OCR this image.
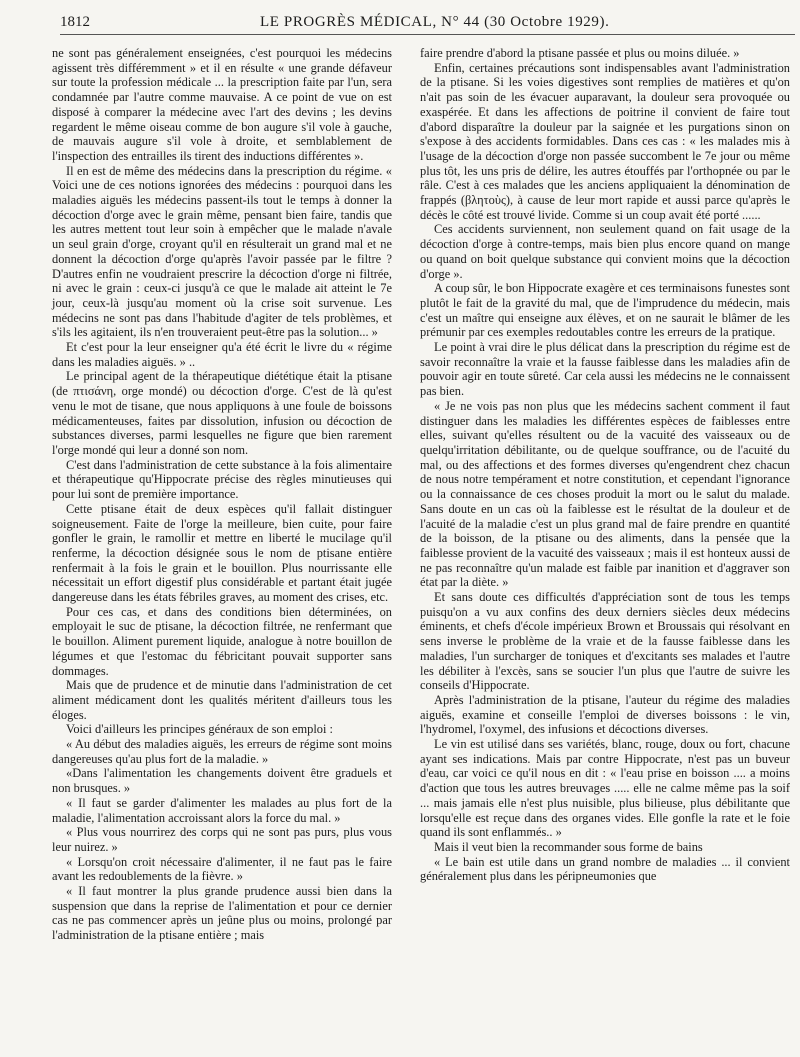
1812	LE PROGRÈS MÉDICAL, N° 44 (30 Octobre 1929).

ne sont pas généralement enseignées, c'est pourquoi les médecins agissent très différemment » et il en résulte « une grande défaveur sur toute la profession médicale ... la prescription faite par l'un, sera condamnée par l'autre comme mauvaise. A ce point de vue on est disposé à comparer la médecine avec l'art des devins ; les devins regardent le même oiseau comme de bon augure s'il vole à gauche, de mauvais augure s'il vole à droite, et semblablement de l'inspection des entrailles ils tirent des inductions différentes ».

Il en est de même des médecins dans la prescription du régime. « Voici une de ces notions ignorées des médecins : pourquoi dans les maladies aiguës les médecins passent-ils tout le temps à donner la décoction d'orge avec le grain même, pensant bien faire, tandis que les autres mettent tout leur soin à empêcher que le malade n'avale un seul grain d'orge, croyant qu'il en résulterait un grand mal et ne donnent la décoction d'orge qu'après l'avoir passée par le filtre ? D'autres enfin ne voudraient prescrire la décoction d'orge ni filtrée, ni avec le grain : ceux-ci jusqu'à ce que le malade ait atteint le 7e jour, ceux-là jusqu'au moment où la crise soit survenue. Les médecins ne sont pas dans l'habitude d'agiter de tels problèmes, et s'ils les agitaient, ils n'en trouveraient peut-être pas la solution... »

Et c'est pour la leur enseigner qu'a été écrit le livre du « régime dans les maladies aiguës. » ..

Le principal agent de la thérapeutique diététique était la ptisane (de πτισάνη, orge mondé) ou décoction d'orge. C'est de là qu'est venu le mot de tisane, que nous appliquons à une foule de boissons médicamenteuses, faites par dissolution, infusion ou décoction de substances diverses, parmi lesquelles ne figure que bien rarement l'orge mondé qui leur a donné son nom.

C'est dans l'administration de cette substance à la fois alimentaire et thérapeutique qu'Hippocrate précise des règles minutieuses qui pour lui sont de première importance.

Cette ptisane était de deux espèces qu'il fallait distinguer soigneusement. Faite de l'orge la meilleure, bien cuite, pour faire gonfler le grain, le ramollir et mettre en liberté le mucilage qu'il renferme, la décoction désignée sous le nom de ptisane entière renfermait à la fois le grain et le bouillon. Plus nourrissante elle nécessitait un effort digestif plus considérable et partant était jugée dangereuse dans les états fébriles graves, au moment des crises, etc.

Pour ces cas, et dans des conditions bien déterminées, on employait le suc de ptisane, la décoction filtrée, ne renfermant que le bouillon. Aliment purement liquide, analogue à notre bouillon de légumes et que l'estomac du fébricitant pouvait supporter sans dommages.

Mais que de prudence et de minutie dans l'administration de cet aliment médicament dont les qualités méritent d'ailleurs tous les éloges.

Voici d'ailleurs les principes généraux de son emploi :

« Au début des maladies aiguës, les erreurs de régime sont moins dangereuses qu'au plus fort de la maladie. »

«Dans l'alimentation les changements doivent être graduels et non brusques. »

« Il faut se garder d'alimenter les malades au plus fort de la maladie, l'alimentation accroissant alors la force du mal. »

« Plus vous nourrirez des corps qui ne sont pas purs, plus vous leur nuirez. »

« Lorsqu'on croit nécessaire d'alimenter, il ne faut pas le faire avant les redoublements de la fièvre. »

« Il faut montrer la plus grande prudence aussi bien dans la suspension que dans la reprise de l'alimentation et pour ce dernier cas ne pas commencer après un jeûne plus ou moins, prolongé par l'administration de la ptisane entière ; mais

faire prendre d'abord la ptisane passée et plus ou moins diluée. »

Enfin, certaines précautions sont indispensables avant l'administration de la ptisane. Si les voies digestives sont remplies de matières et qu'on n'ait pas soin de les évacuer auparavant, la douleur sera provoquée ou exaspérée. Et dans les affections de poitrine il convient de faire tout d'abord disparaître la douleur par la saignée et les purgations sinon on s'expose à des accidents formidables. Dans ces cas : « les malades mis à l'usage de la décoction d'orge non passée succombent le 7e jour ou même plus tôt, les uns pris de délire, les autres étouffés par l'orthopnée ou par le râle. C'est à ces malades que les anciens appliquaient la dénomination de frappés (βλητοὺς), à cause de leur mort rapide et aussi parce qu'après le décès le côté est trouvé livide. Comme si un coup avait été porté ......

Ces accidents surviennent, non seulement quand on fait usage de la décoction d'orge à contre-temps, mais bien plus encore quand on mange ou quand on boit quelque substance qui convient moins que la décoction d'orge ».

A coup sûr, le bon Hippocrate exagère et ces terminaisons funestes sont plutôt le fait de la gravité du mal, que de l'imprudence du médecin, mais c'est un maître qui enseigne aux élèves, et on ne saurait le blâmer de les prémunir par ces exemples redoutables contre les erreurs de la pratique.

Le point à vrai dire le plus délicat dans la prescription du régime est de savoir reconnaître la vraie et la fausse faiblesse dans les maladies afin de pouvoir agir en toute sûreté. Car cela aussi les médecins ne le connaissent pas bien.

« Je ne vois pas non plus que les médecins sachent comment il faut distinguer dans les maladies les différentes espèces de faiblesses entre elles, suivant qu'elles résultent ou de la vacuité des vaisseaux ou de quelqu'irritation débilitante, ou de quelque souffrance, ou de l'acuité du mal, ou des affections et des formes diverses qu'engendrent chez chacun de nous notre tempérament et notre constitution, et cependant l'ignorance ou la connaissance de ces choses produit la mort ou le salut du malade. Sans doute en un cas où la faiblesse est le résultat de la douleur et de l'acuité de la maladie c'est un plus grand mal de faire prendre en quantité de la boisson, de la ptisane ou des aliments, dans la pensée que la faiblesse provient de la vacuité des vaisseaux ; mais il est honteux aussi de ne pas reconnaître qu'un malade est faible par inanition et d'aggraver son état par la diète. »

Et sans doute ces difficultés d'appréciation sont de tous les temps puisqu'on a vu aux confins des deux derniers siècles deux médecins éminents, et chefs d'école impérieux Brown et Broussais qui résolvant en sens inverse le problème de la vraie et de la fausse faiblesse dans les maladies, l'un surcharger de toniques et d'excitants ses malades et l'autre les débiliter à l'excès, sans se soucier l'un plus que l'autre de suivre les conseils d'Hippocrate.

Après l'administration de la ptisane, l'auteur du régime des maladies aiguës, examine et conseille l'emploi de diverses boissons : le vin, l'hydromel, l'oxymel, des infusions et décoctions diverses.

Le vin est utilisé dans ses variétés, blanc, rouge, doux ou fort, chacune ayant ses indications. Mais par contre Hippocrate, n'est pas un buveur d'eau, car voici ce qu'il nous en dit : « l'eau prise en boisson .... a moins d'action que tous les autres breuvages ..... elle ne calme même pas la soif ... mais jamais elle n'est plus nuisible, plus bilieuse, plus débilitante que lorsqu'elle est reçue dans des organes vides. Elle gonfle la rate et le foie quand ils sont enflammés.. »

Mais il veut bien la recommander sous forme de bains

« Le bain est utile dans un grand nombre de maladies ... il convient généralement plus dans les péripneumonies que
